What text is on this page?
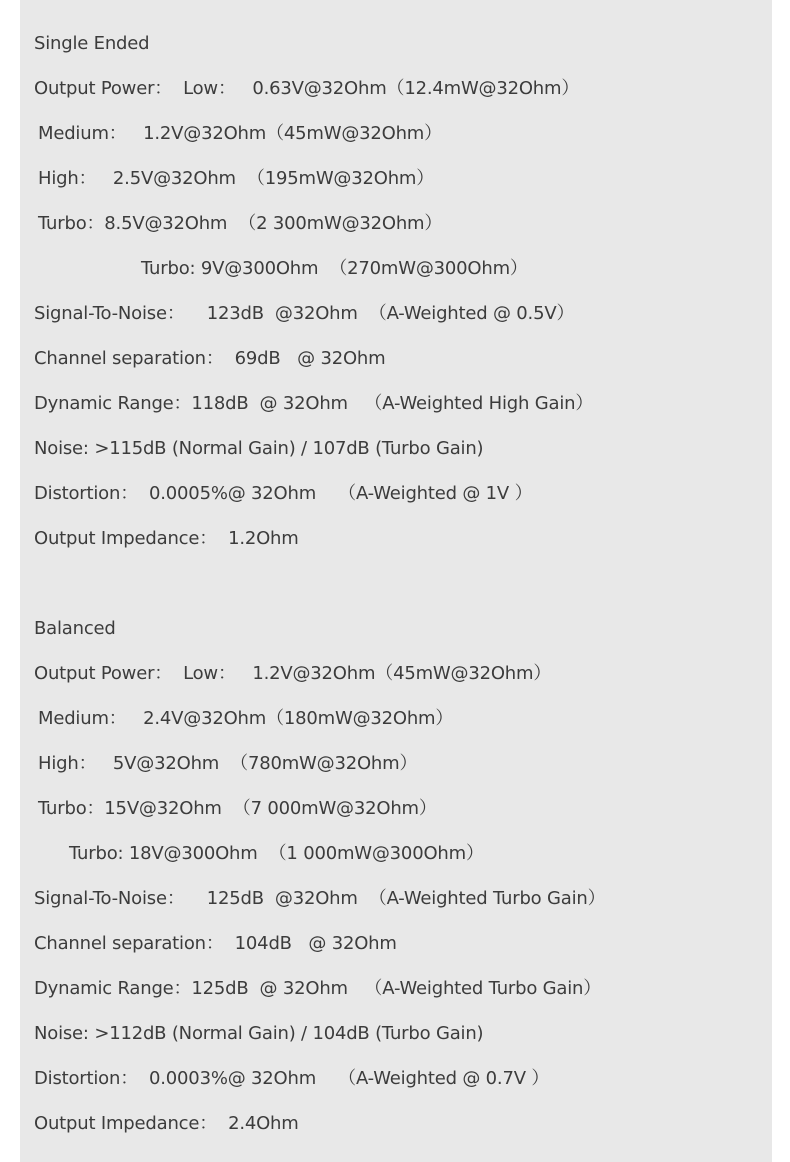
Single Ended
Output Power：  Low：   0.63V@32Ohm（12.4mW@32Ohm）
Medium：   1.2V@32Ohm（45mW@32Ohm）
High：   2.5V@32Ohm  （195mW@32Ohm）
Turbo：8.5V@32Ohm  （2 300mW@32Ohm）
Turbo: 9V@300Ohm  （270mW@300Ohm）
Signal-To-Noise：    123dB  @32Ohm  （A-Weighted @ 0.5V）
Channel separation：  69dB   @ 32Ohm
Dynamic Range：118dB  @ 32Ohm   （A-Weighted High Gain）
Noise: >115dB (Normal Gain) / 107dB (Turbo Gain)
Distortion：  0.0005%@ 32Ohm    （A-Weighted @ 1V ）
Output Impedance：  1.2Ohm
Balanced
Output Power：  Low：   1.2V@32Ohm（45mW@32Ohm）
Medium：   2.4V@32Ohm（180mW@32Ohm）
High：   5V@32Ohm  （780mW@32Ohm）
Turbo：15V@32Ohm  （7 000mW@32Ohm）
Turbo: 18V@300Ohm  （1 000mW@300Ohm）
Signal-To-Noise：    125dB  @32Ohm  （A-Weighted Turbo Gain）
Channel separation：  104dB   @ 32Ohm
Dynamic Range：125dB  @ 32Ohm   （A-Weighted Turbo Gain）
Noise: >112dB (Normal Gain) / 104dB (Turbo Gain)
Distortion：  0.0003%@ 32Ohm    （A-Weighted @ 0.7V ）
Output Impedance：  2.4Ohm
